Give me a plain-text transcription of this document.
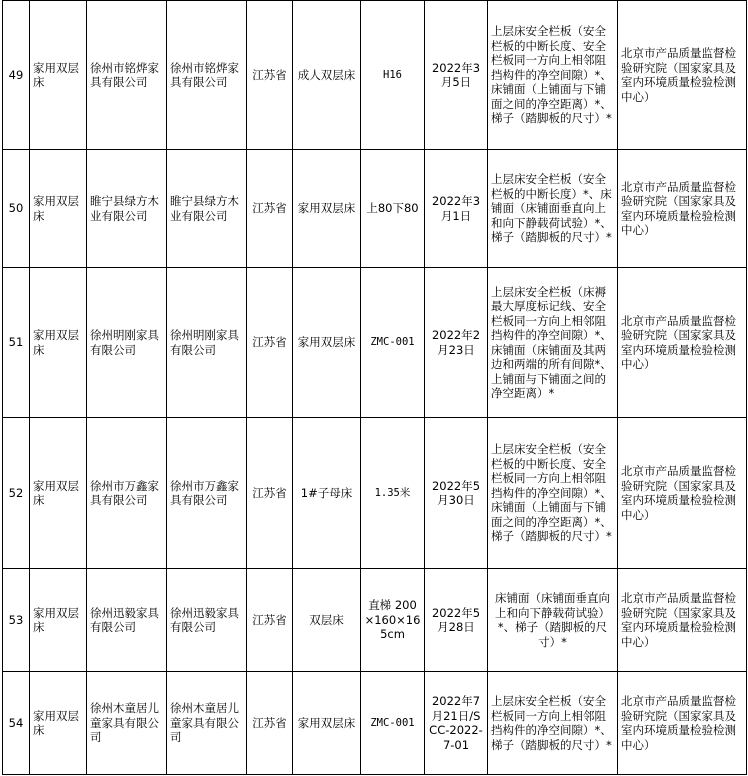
49	家用双层床	徐州市铭烨家具有限公司	徐州市铭烨家具有限公司	江苏省	成人双层床	H16	2022年3月5日	上层床安全栏板（安全栏板的中断长度、安全栏板同一方向上相邻阻挡构件的净空间隙）*、床铺面（上铺面与下铺面之间的净空距离）*、梯子（踏脚板的尺寸）*	北京市产品质量监督检验研究院（国家家具及室内环境质量检验检测中心）
50	家用双层床	睢宁县绿方木业有限公司	睢宁县绿方木业有限公司	江苏省	家用双层床	上80下80	2022年3月1日	上层床安全栏板（安全栏板的中断长度）*、床铺面（床铺面垂直向上和向下静载荷试验）*、梯子（踏脚板的尺寸）*	北京市产品质量监督检验研究院（国家家具及室内环境质量检验检测中心）
51	家用双层床	徐州明刚家具有限公司	徐州明刚家具有限公司	江苏省	家用双层床	ZMC-001	2022年2月23日	上层床安全栏板（床褥最大厚度标记线、安全栏板同一方向上相邻阻挡构件的净空间隙）*、床铺面（床铺面及其两边和两端的所有间隙*、上铺面与下铺面之间的净空距离）*	北京市产品质量监督检验研究院（国家家具及室内环境质量检验检测中心）
52	家用双层床	徐州市万鑫家具有限公司	徐州市万鑫家具有限公司	江苏省	1#子母床	1.35米	2022年5月30日	上层床安全栏板（安全栏板的中断长度、安全栏板同一方向上相邻阻挡构件的净空间隙）*、床铺面（上铺面与下铺面之间的净空距离）*、梯子（踏脚板的尺寸）*	北京市产品质量监督检验研究院（国家家具及室内环境质量检验检测中心）
53	家用双层床	徐州迅毅家具有限公司	徐州迅毅家具有限公司	江苏省	双层床	直梯 200×160×165cm	2022年5月28日	床铺面（床铺面垂直向上和向下静载荷试验）*、梯子（踏脚板的尺寸）*	北京市产品质量监督检验研究院（国家家具及室内环境质量检验检测中心）
54	家用双层床	徐州木童居儿童家具有限公司	徐州木童居儿童家具有限公司	江苏省	家用双层床	ZMC-001	2022年7月21日/SCC-2022-7-01	上层床安全栏板（安全栏板同一方向上相邻阻挡构件的净空间隙）*、梯子（踏脚板的尺寸）*	北京市产品质量监督检验研究院（国家家具及室内环境质量检验检测中心）
